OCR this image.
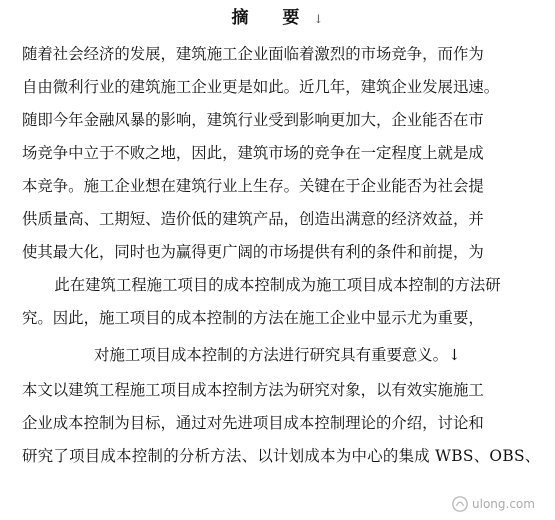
摘 要↓
随着社会经济的发展，建筑施工企业面临着激烈的市场竞争，而作为
自由微利行业的建筑施工企业更是如此。近几年，建筑企业发展迅速。
随即今年金融风暴的影响，建筑行业受到影响更加大，企业能否在市
场竞争中立于不败之地，因此，建筑市场的竞争在一定程度上就是成
本竞争。施工企业想在建筑行业上生存。关键在于企业能否为社会提
供质量高、工期短、造价低的建筑产品，创造出满意的经济效益，并
使其最大化，同时也为赢得更广阔的市场提供有利的条件和前提，为
此在建筑工程施工项目的成本控制成为施工项目成本控制的方法研
究。因此，施工项目的成本控制的方法在施工企业中显示尤为重要，
对施工项目成本控制的方法进行研究具有重要意义。↓
本文以建筑工程施工项目成本控制方法为研究对象，以有效实施施工
企业成本控制为目标，通过对先进项目成本控制理论的介绍，讨论和
研究了项目成本控制的分析方法、以计划成本为中心的集成 WBS、OBS、
ulong.com
